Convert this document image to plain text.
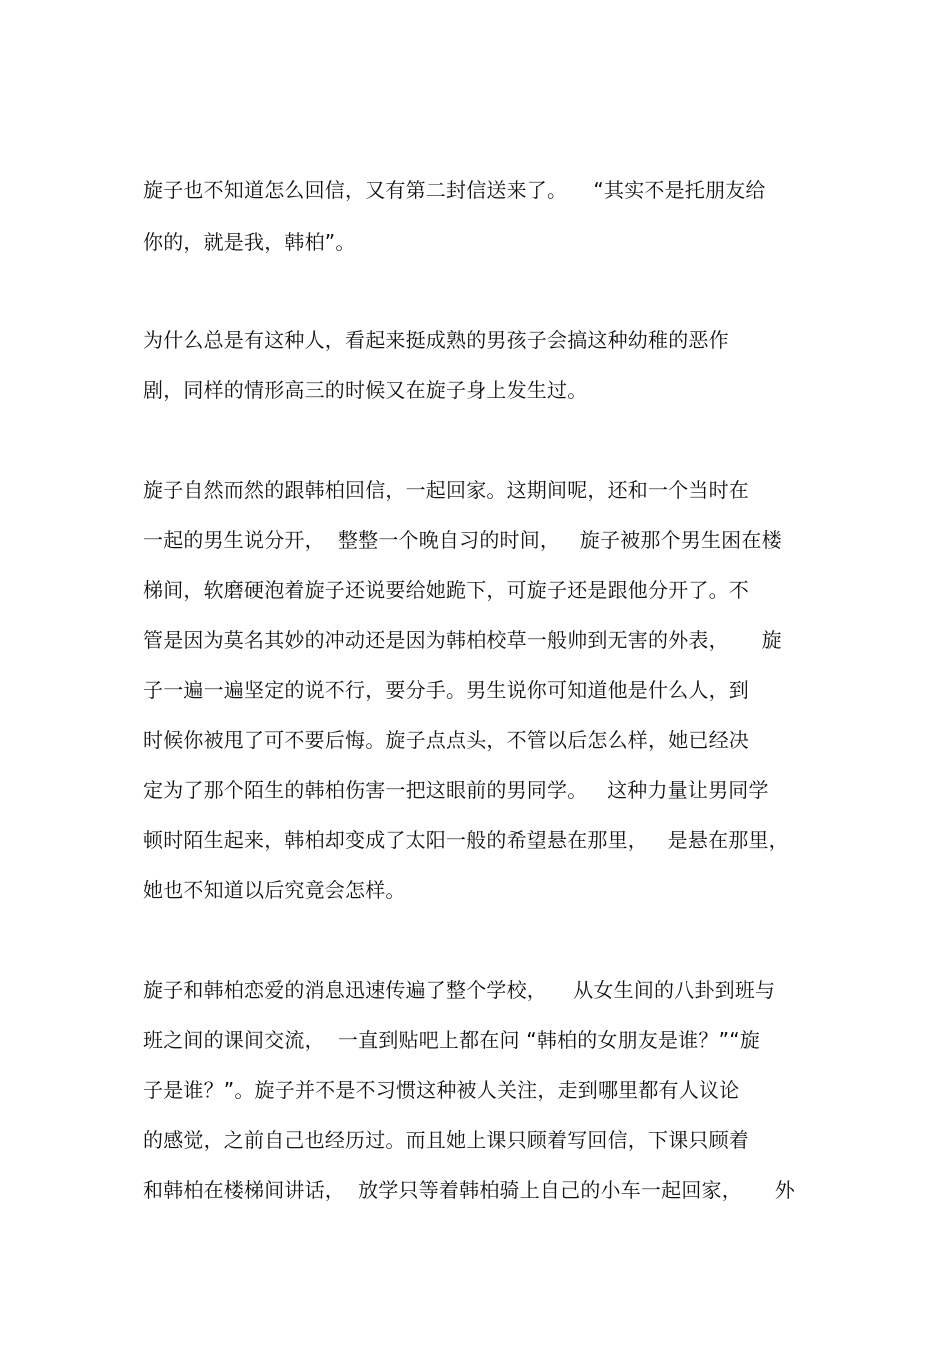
旋子也不知道怎么回信，又有第二封信送来了。    “其实不是托朋友给
你的，就是我，韩柏”。
为什么总是有这种人，看起来挺成熟的男孩子会搞这种幼稚的恶作
剧，同样的情形高三的时候又在旋子身上发生过。
旋子自然而然的跟韩柏回信，一起回家。这期间呢，还和一个当时在
一起的男生说分开，  整整一个晚自习的时间，   旋子被那个男生困在楼
梯间，软磨硬泡着旋子还说要给她跪下，可旋子还是跟他分开了。不
管是因为莫名其妙的冲动还是因为韩柏校草一般帅到无害的外表，     旋
子一遍一遍坚定的说不行，要分手。男生说你可知道他是什么人，到
时候你被甩了可不要后悔。旋子点点头，不管以后怎么样，她已经决
定为了那个陌生的韩柏伤害一把这眼前的男同学。   这种力量让男同学
顿时陌生起来，韩柏却变成了太阳一般的希望悬在那里，   是悬在那里，
她也不知道以后究竟会怎样。
旋子和韩柏恋爱的消息迅速传遍了整个学校，    从女生间的八卦到班与
班之间的课间交流，  一直到贴吧上都在问 “韩柏的女朋友是谁？”“旋
子是谁？”。旋子并不是不习惯这种被人关注，走到哪里都有人议论
的感觉，之前自己也经历过。而且她上课只顾着写回信，下课只顾着
和韩柏在楼梯间讲话，  放学只等着韩柏骑上自己的小车一起回家，     外
